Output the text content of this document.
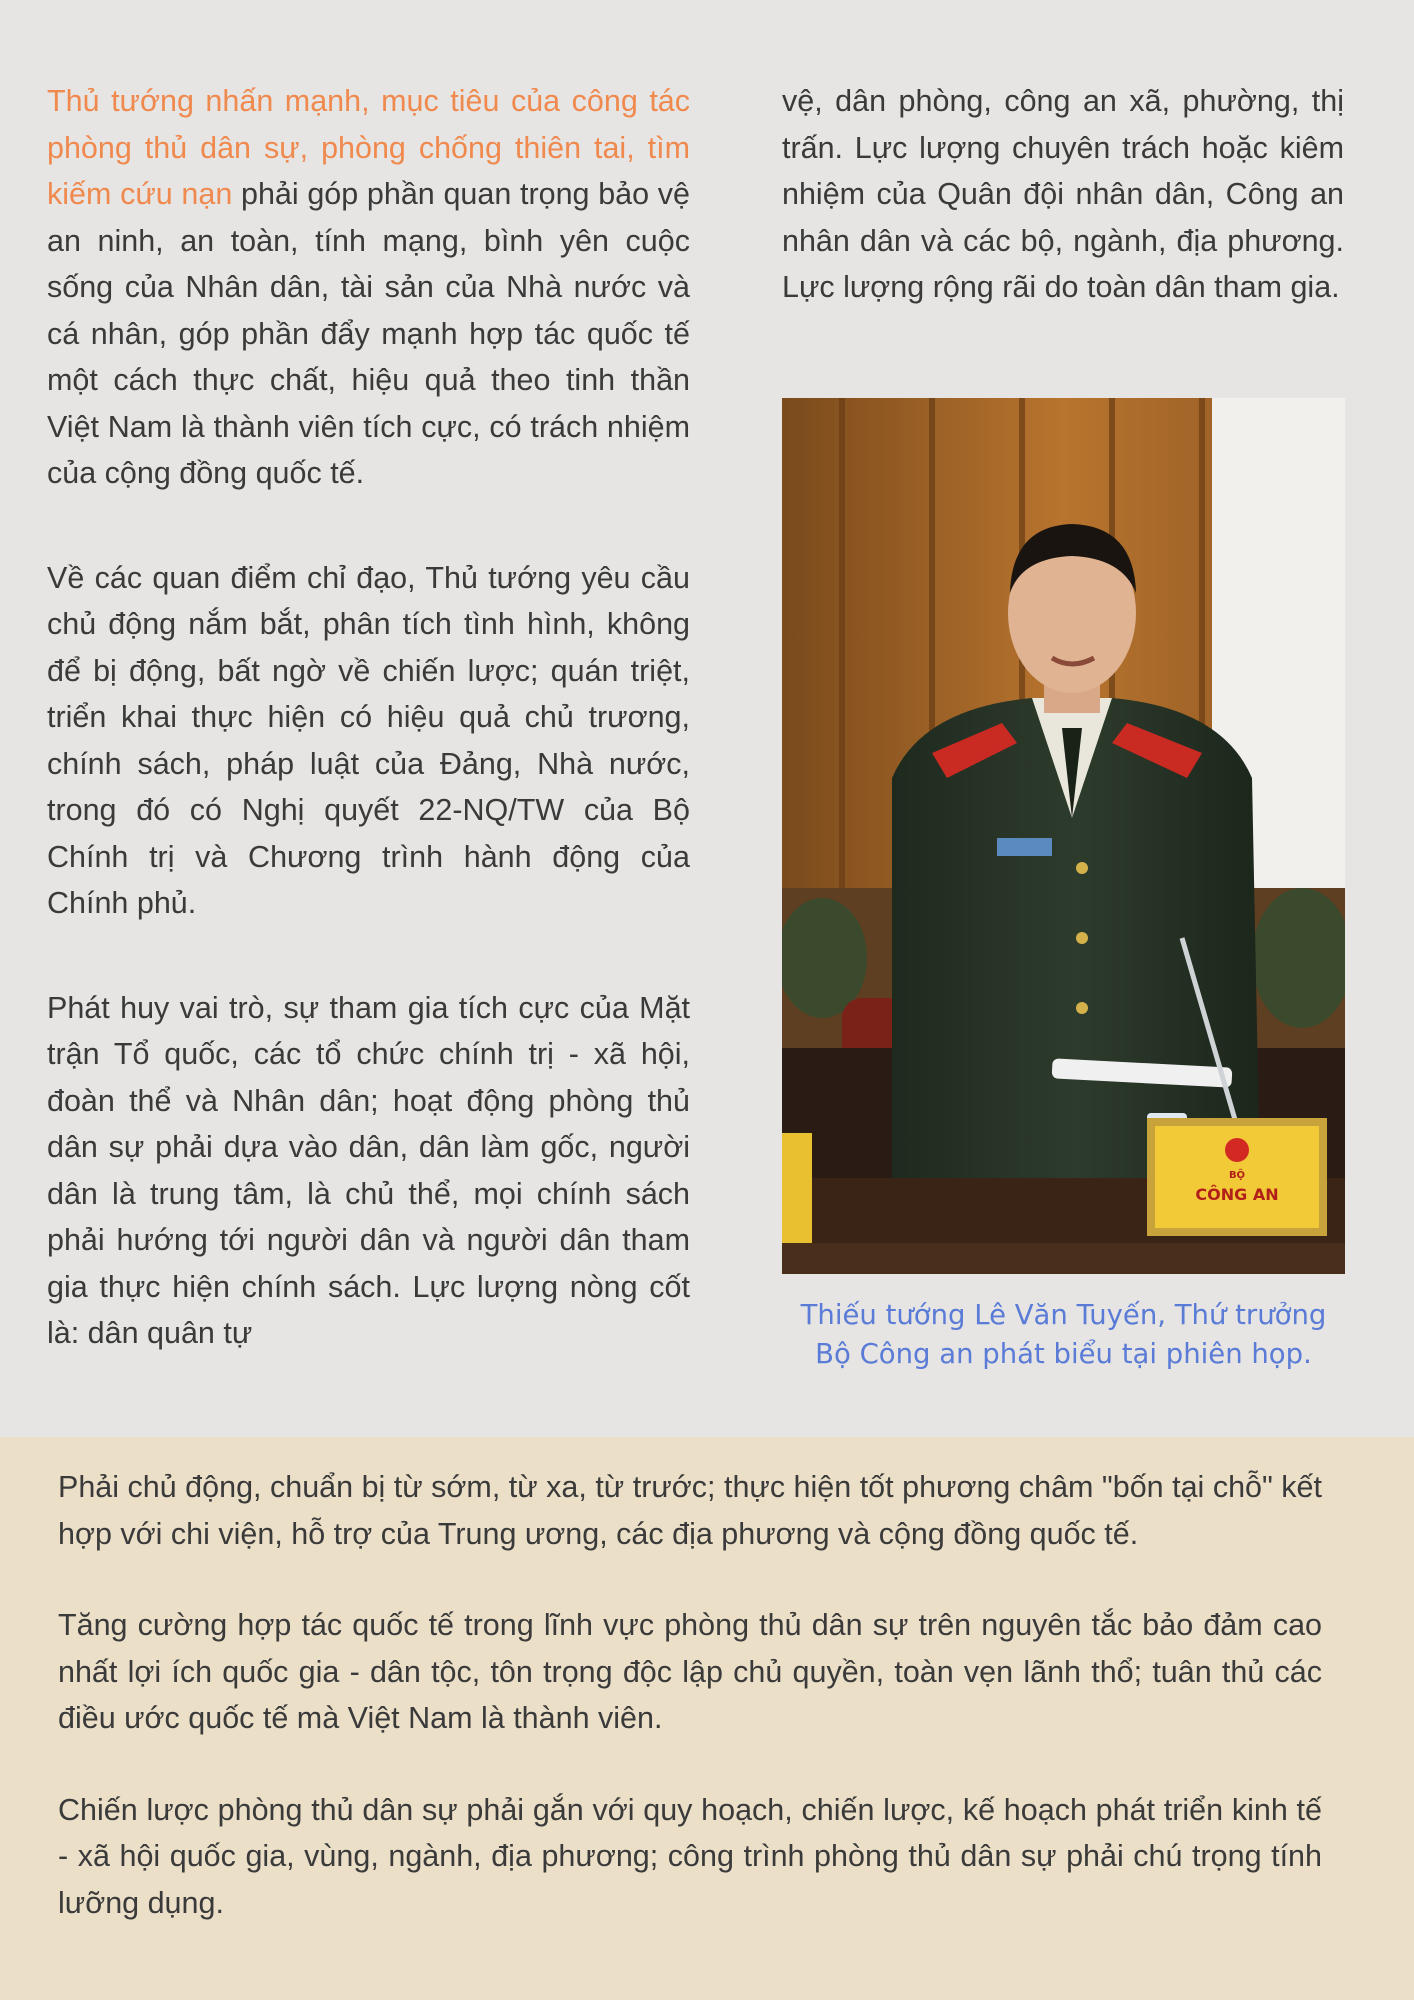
Thủ tướng nhấn mạnh, mục tiêu của công tác phòng thủ dân sự, phòng chống thiên tai, tìm kiếm cứu nạn phải góp phần quan trọng bảo vệ an ninh, an toàn, tính mạng, bình yên cuộc sống của Nhân dân, tài sản của Nhà nước và cá nhân, góp phần đẩy mạnh hợp tác quốc tế một cách thực chất, hiệu quả theo tinh thần Việt Nam là thành viên tích cực, có trách nhiệm của cộng đồng quốc tế.

Về các quan điểm chỉ đạo, Thủ tướng yêu cầu chủ động nắm bắt, phân tích tình hình, không để bị động, bất ngờ về chiến lược; quán triệt, triển khai thực hiện có hiệu quả chủ trương, chính sách, pháp luật của Đảng, Nhà nước, trong đó có Nghị quyết 22-NQ/TW của Bộ Chính trị và Chương trình hành động của Chính phủ.

Phát huy vai trò, sự tham gia tích cực của Mặt trận Tổ quốc, các tổ chức chính trị - xã hội, đoàn thể và Nhân dân; hoạt động phòng thủ dân sự phải dựa vào dân, dân làm gốc, người dân là trung tâm, là chủ thể, mọi chính sách phải hướng tới người dân và người dân tham gia thực hiện chính sách. Lực lượng nòng cốt là: dân quân tự

vệ, dân phòng, công an xã, phường, thị trấn. Lực lượng chuyên trách hoặc kiêm nhiệm của Quân đội nhân dân, Công an nhân dân và các bộ, ngành, địa phương. Lực lượng rộng rãi do toàn dân tham gia.

BỘ
CÔNG AN
Thiếu tướng Lê Văn Tuyến, Thứ trưởng
Bộ Công an phát biểu tại phiên họp.

Phải chủ động, chuẩn bị từ sớm, từ xa, từ trước; thực hiện tốt phương châm "bốn tại chỗ" kết hợp với chi viện, hỗ trợ của Trung ương, các địa phương và cộng đồng quốc tế.

Tăng cường hợp tác quốc tế trong lĩnh vực phòng thủ dân sự trên nguyên tắc bảo đảm cao nhất lợi ích quốc gia - dân tộc, tôn trọng độc lập chủ quyền, toàn vẹn lãnh thổ; tuân thủ các điều ước quốc tế mà Việt Nam là thành viên.

Chiến lược phòng thủ dân sự phải gắn với quy hoạch, chiến lược, kế hoạch phát triển kinh tế - xã hội quốc gia, vùng, ngành, địa phương; công trình phòng thủ dân sự phải chú trọng tính lưỡng dụng.
